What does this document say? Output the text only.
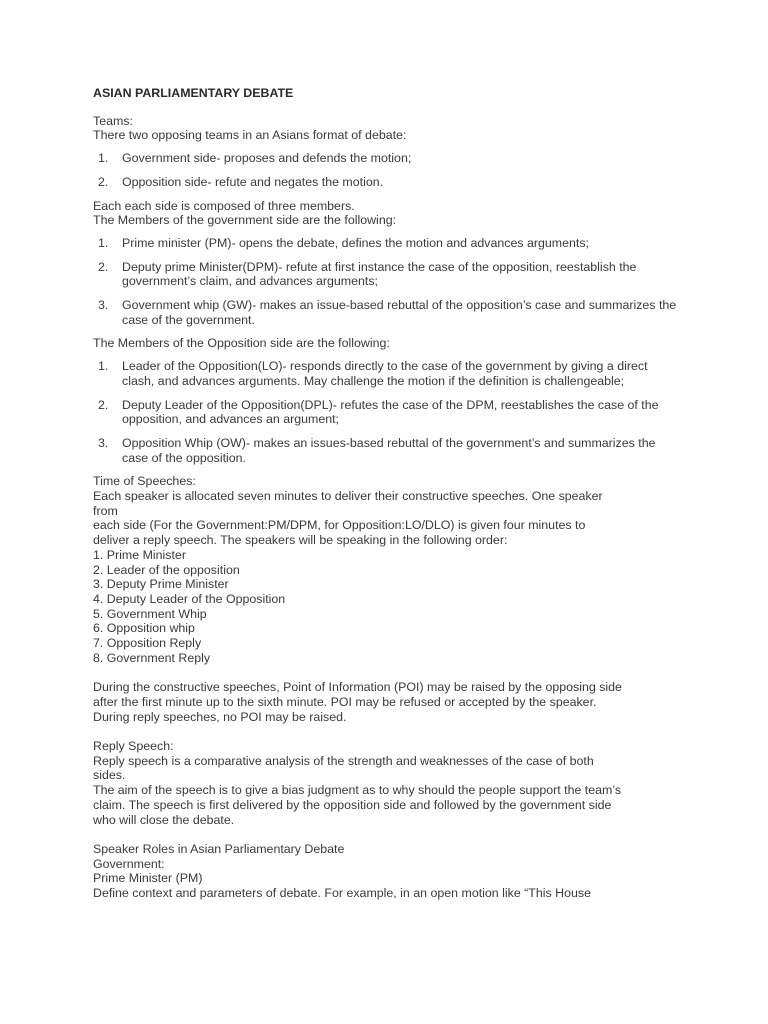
ASIAN PARLIAMENTARY DEBATE

Teams:

There two opposing teams in an Asians format of debate:

1. Government side- proposes and defends the motion;
2. Opposition side- refute and negates the motion.

Each each side is composed of three members.

The Members of the government side are the following:

1. Prime minister (PM)- opens the debate, defines the motion and advances arguments;
2. Deputy prime Minister(DPM)- refute at first instance the case of the opposition, reestablish the government’s claim, and advances arguments;
3. Government whip (GW)- makes an issue-based rebuttal of the opposition’s case and summarizes the case of the government.

The Members of the Opposition side are the following:

1. Leader of the Opposition(LO)- responds directly to the case of the government by giving a direct clash, and advances arguments. May challenge the motion if the definition is challengeable;
2. Deputy Leader of the Opposition(DPL)- refutes the case of the DPM, reestablishes the case of the opposition, and advances an argument;
3. Opposition Whip (OW)- makes an issues-based rebuttal of the government’s and summarizes the case of the opposition.

Time of Speeches:

Each speaker is allocated seven minutes to deliver their constructive speeches. One speaker

from

each side (For the Government:PM/DPM, for Opposition:LO/DLO) is given four minutes to

deliver a reply speech. The speakers will be speaking in the following order:

1. Prime Minister

2. Leader of the opposition

3. Deputy Prime Minister

4. Deputy Leader of the Opposition

5. Government Whip

6. Opposition whip

7. Opposition Reply

8. Government Reply

During the constructive speeches, Point of Information (POI) may be raised by the opposing side

after the first minute up to the sixth minute. POI may be refused or accepted by the speaker.

During reply speeches, no POI may be raised.

Reply Speech:

Reply speech is a comparative analysis of the strength and weaknesses of the case of both

sides.

The aim of the speech is to give a bias judgment as to why should the people support the team’s

claim. The speech is first delivered by the opposition side and followed by the government side

who will close the debate.

Speaker Roles in Asian Parliamentary Debate

Government:

Prime Minister (PM)

Define context and parameters of debate. For example, in an open motion like “This House
